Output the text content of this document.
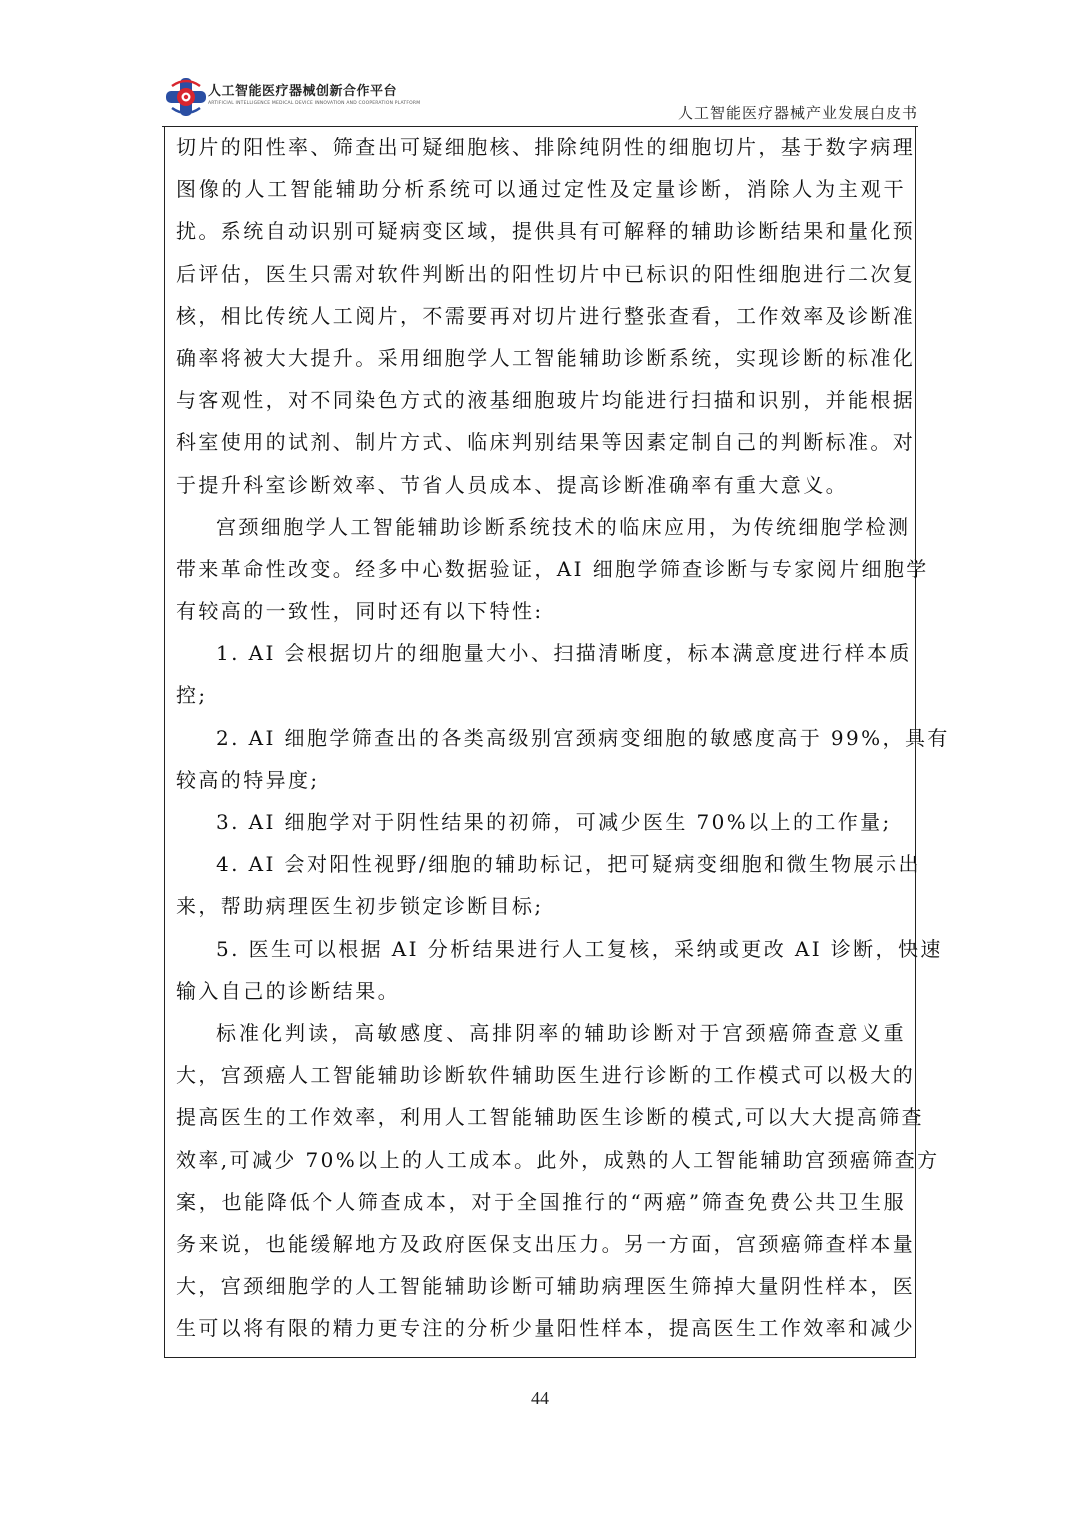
人工智能医疗器械创新合作平台
ARTIFICIAL INTELLIGENCE MEDICAL DEVICE INNOVATION AND COOPERATION PLATFORM
人工智能医疗器械产业发展白皮书
切片的阳性率、筛查出可疑细胞核、排除纯阴性的细胞切片，基于数字病理
图像的人工智能辅助分析系统可以通过定性及定量诊断，消除人为主观干
扰。系统自动识别可疑病变区域，提供具有可解释的辅助诊断结果和量化预
后评估，医生只需对软件判断出的阳性切片中已标识的阳性细胞进行二次复
核，相比传统人工阅片，不需要再对切片进行整张查看，工作效率及诊断准
确率将被大大提升。采用细胞学人工智能辅助诊断系统，实现诊断的标准化
与客观性，对不同染色方式的液基细胞玻片均能进行扫描和识别，并能根据
科室使用的试剂、制片方式、临床判别结果等因素定制自己的判断标准。对
于提升科室诊断效率、节省人员成本、提高诊断准确率有重大意义。
宫颈细胞学人工智能辅助诊断系统技术的临床应用，为传统细胞学检测
带来革命性改变。经多中心数据验证，AI 细胞学筛查诊断与专家阅片细胞学
有较高的一致性，同时还有以下特性:
1. AI 会根据切片的细胞量大小、扫描清晰度，标本满意度进行样本质
控;
2. AI 细胞学筛查出的各类高级别宫颈病变细胞的敏感度高于 99%，具有
较高的特异度;
3. AI 细胞学对于阴性结果的初筛，可减少医生 70%以上的工作量;
4. AI 会对阳性视野/细胞的辅助标记，把可疑病变细胞和微生物展示出
来，帮助病理医生初步锁定诊断目标;
5. 医生可以根据 AI 分析结果进行人工复核，采纳或更改 AI 诊断，快速
输入自己的诊断结果。
标准化判读，高敏感度、高排阴率的辅助诊断对于宫颈癌筛查意义重
大，宫颈癌人工智能辅助诊断软件辅助医生进行诊断的工作模式可以极大的
提高医生的工作效率，利用人工智能辅助医生诊断的模式,可以大大提高筛查
效率,可减少 70%以上的人工成本。此外，成熟的人工智能辅助宫颈癌筛查方
案，也能降低个人筛查成本，对于全国推行的“两癌”筛查免费公共卫生服
务来说，也能缓解地方及政府医保支出压力。另一方面，宫颈癌筛查样本量
大，宫颈细胞学的人工智能辅助诊断可辅助病理医生筛掉大量阴性样本，医
生可以将有限的精力更专注的分析少量阳性样本，提高医生工作效率和减少
44
